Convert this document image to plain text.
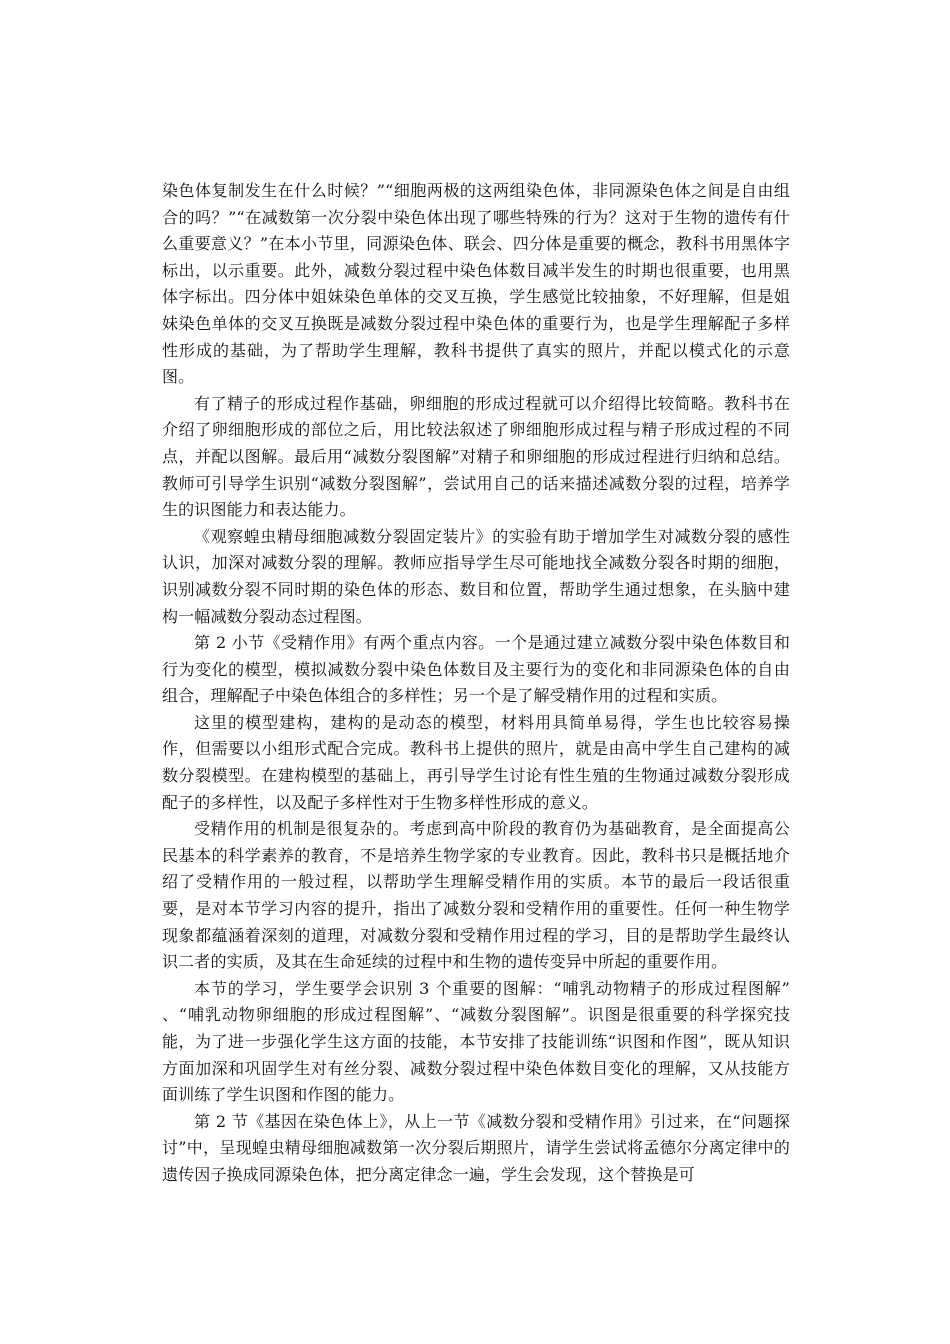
染色体复制发生在什么时候？”“细胞两极的这两组染色体，非同源染色体之间是自由组合的吗？”“在减数第一次分裂中染色体出现了哪些特殊的行为？这对于生物的遗传有什么重要意义？”在本小节里，同源染色体、联会、四分体是重要的概念，教科书用黑体字标出，以示重要。此外，减数分裂过程中染色体数目减半发生的时期也很重要，也用黑体字标出。四分体中姐妹染色单体的交叉互换，学生感觉比较抽象，不好理解，但是姐妹染色单体的交叉互换既是减数分裂过程中染色体的重要行为，也是学生理解配子多样性形成的基础，为了帮助学生理解，教科书提供了真实的照片，并配以模式化的示意图。

有了精子的形成过程作基础，卵细胞的形成过程就可以介绍得比较简略。教科书在介绍了卵细胞形成的部位之后，用比较法叙述了卵细胞形成过程与精子形成过程的不同点，并配以图解。最后用“减数分裂图解”对精子和卵细胞的形成过程进行归纳和总结。教师可引导学生识别“减数分裂图解”，尝试用自己的话来描述减数分裂的过程，培养学生的识图能力和表达能力。

《观察蝗虫精母细胞减数分裂固定装片》的实验有助于增加学生对减数分裂的感性认识，加深对减数分裂的理解。教师应指导学生尽可能地找全减数分裂各时期的细胞，识别减数分裂不同时期的染色体的形态、数目和位置，帮助学生通过想象，在头脑中建构一幅减数分裂动态过程图。

第 2 小节《受精作用》有两个重点内容。一个是通过建立减数分裂中染色体数目和行为变化的模型，模拟减数分裂中染色体数目及主要行为的变化和非同源染色体的自由组合，理解配子中染色体组合的多样性；另一个是了解受精作用的过程和实质。

这里的模型建构，建构的是动态的模型，材料用具简单易得，学生也比较容易操作，但需要以小组形式配合完成。教科书上提供的照片，就是由高中学生自己建构的减数分裂模型。在建构模型的基础上，再引导学生讨论有性生殖的生物通过减数分裂形成配子的多样性，以及配子多样性对于生物多样性形成的意义。

受精作用的机制是很复杂的。考虑到高中阶段的教育仍为基础教育，是全面提高公民基本的科学素养的教育，不是培养生物学家的专业教育。因此，教科书只是概括地介绍了受精作用的一般过程，以帮助学生理解受精作用的实质。本节的最后一段话很重要，是对本节学习内容的提升，指出了减数分裂和受精作用的重要性。任何一种生物学现象都蕴涵着深刻的道理，对减数分裂和受精作用过程的学习，目的是帮助学生最终认识二者的实质，及其在生命延续的过程中和生物的遗传变异中所起的重要作用。

本节的学习，学生要学会识别 3 个重要的图解：“哺乳动物精子的形成过程图解” 、“哺乳动物卵细胞的形成过程图解”、“减数分裂图解”。识图是很重要的科学探究技能，为了进一步强化学生这方面的技能，本节安排了技能训练“识图和作图”，既从知识方面加深和巩固学生对有丝分裂、减数分裂过程中染色体数目变化的理解，又从技能方面训练了学生识图和作图的能力。

第 2 节《基因在染色体上》，从上一节《减数分裂和受精作用》引过来，在“问题探讨”中，呈现蝗虫精母细胞减数第一次分裂后期照片，请学生尝试将孟德尔分离定律中的遗传因子换成同源染色体，把分离定律念一遍，学生会发现，这个替换是可
